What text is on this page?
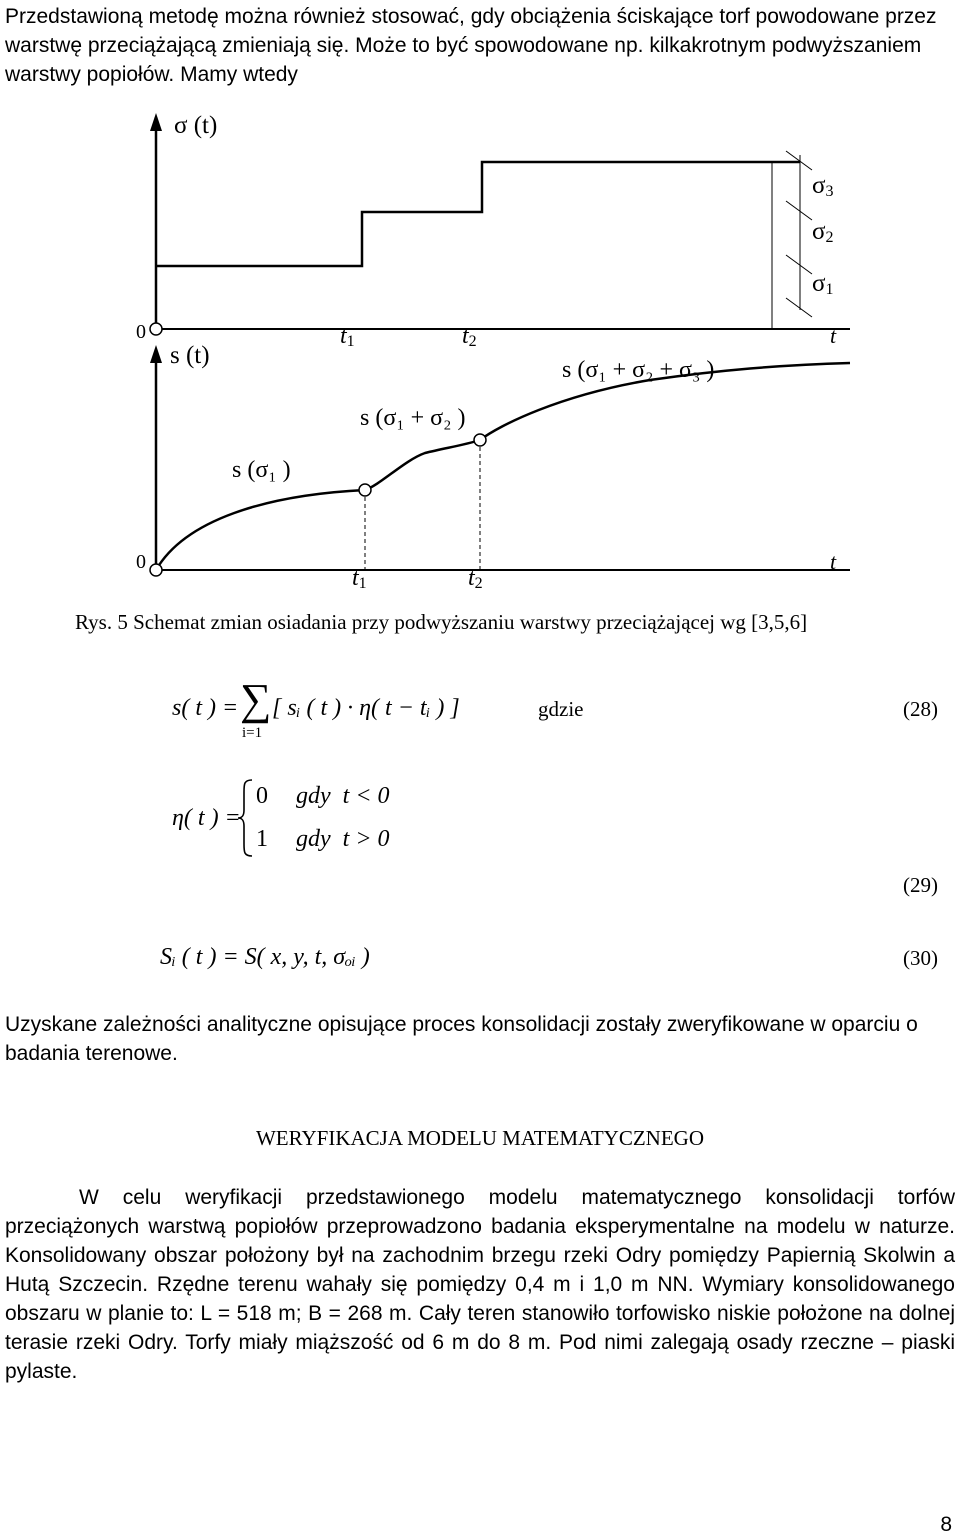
Przedstawioną metodę można również stosować, gdy obciążenia ściskające torf powodowane przez warstwę przeciążającą zmieniają się. Może to być spowodowane np. kilkakrotnym podwyższaniem warstwy popiołów. Mamy wtedy
σ (t)
0	t1	t2	t
σ3
σ2
σ1
s (t)
s (σ₁ + σ₂ + σ₃ )
s (σ₁ + σ₂ )
s (σ₁ )
0
t1	t2
t
Rys. 5 Schemat zmian osiadania przy podwyższaniu warstwy przeciążającej wg [3,5,6]
s( t ) = ∑
i=1
[ sᵢ ( t ) · η( t − tᵢ ) ]	gdzie	(28)
η( t ) =
0 gdy  t < 0
1 gdy  t > 0
(29)
Sᵢ ( t ) = S( x, y, t, σₒᵢ )	(30)
Uzyskane zależności analityczne opisujące proces konsolidacji zostały zweryfikowane w oparciu o badania terenowe.
WERYFIKACJA MODELU MATEMATYCZNEGO
W celu weryfikacji przedstawionego modelu matematycznego konsolidacji torfów przeciążonych warstwą popiołów przeprowadzono badania eksperymentalne na modelu w naturze. Konsolidowany obszar położony był na zachodnim brzegu rzeki Odry pomiędzy Papiernią Skolwin a Hutą Szczecin. Rzędne terenu wahały się pomiędzy 0,4 m i 1,0 m NN. Wymiary konsolidowanego obszaru w planie to: L = 518 m; B = 268 m. Cały teren stanowiło torfowisko niskie położone na dolnej terasie rzeki Odry. Torfy miały miąższość od 6 m do 8 m. Pod nimi zalegają osady rzeczne – piaski pylaste.
8
